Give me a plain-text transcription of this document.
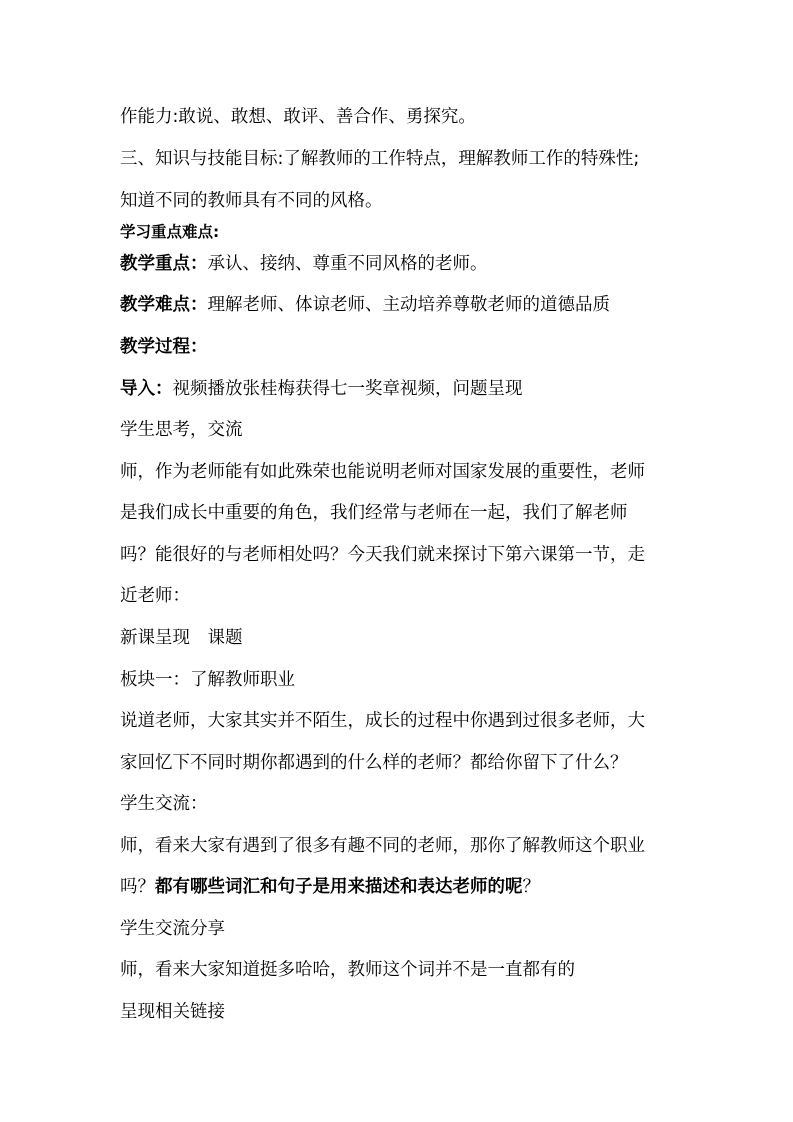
作能力:敢说、敢想、敢评、善合作、勇探究。
三、知识与技能目标:了解教师的工作特点，理解教师工作的特殊性;
知道不同的教师具有不同的风格。
学习重点难点:
教学重点：承认、接纳、尊重不同风格的老师。
教学难点：理解老师、体谅老师、主动培养尊敬老师的道德品质
教学过程：
导入：视频播放张桂梅获得七一奖章视频，问题呈现
学生思考，交流
师，作为老师能有如此殊荣也能说明老师对国家发展的重要性，老师
是我们成长中重要的角色，我们经常与老师在一起，我们了解老师
吗？能很好的与老师相处吗？今天我们就来探讨下第六课第一节，走
近老师：
新课呈现　课题
板块一：了解教师职业
说道老师，大家其实并不陌生，成长的过程中你遇到过很多老师，大
家回忆下不同时期你都遇到的什么样的老师？都给你留下了什么？
学生交流：
师，看来大家有遇到了很多有趣不同的老师，那你了解教师这个职业
吗？都有哪些词汇和句子是用来描述和表达老师的呢？
学生交流分享
师，看来大家知道挺多哈哈，教师这个词并不是一直都有的
呈现相关链接
